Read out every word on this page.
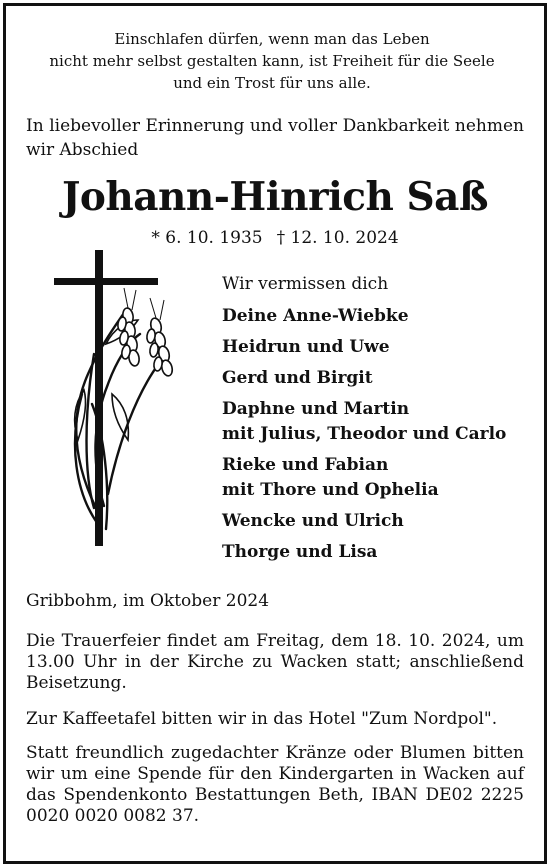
Einschlafen dürfen, wenn man das Leben
nicht mehr selbst gestalten kann, ist Freiheit für die Seele
und ein Trost für uns alle.
In liebevoller Erinnerung und voller Dankbarkeit nehmen wir Abschied
Johann-Hinrich Saß
* 6. 10. 1935 † 12. 10. 2024
Wir vermissen dich
Deine Anne-Wiebke
Heidrun und Uwe
Gerd und Birgit
Daphne und Martin
mit Julius, Theodor und Carlo
Rieke und Fabian
mit Thore und Ophelia
Wencke und Ulrich
Thorge und Lisa
Gribbohm, im Oktober 2024
Die Trauerfeier findet am Freitag, dem 18. 10. 2024, um 13.00 Uhr in der Kirche zu Wacken statt; anschließend Beisetzung.
Zur Kaffeetafel bitten wir in das Hotel "Zum Nordpol".
Statt freundlich zugedachter Kränze oder Blumen bitten wir um eine Spende für den Kindergarten in Wacken auf das Spendenkonto Bestattungen Beth, IBAN DE02 2225 0020 0020 0082 37.
